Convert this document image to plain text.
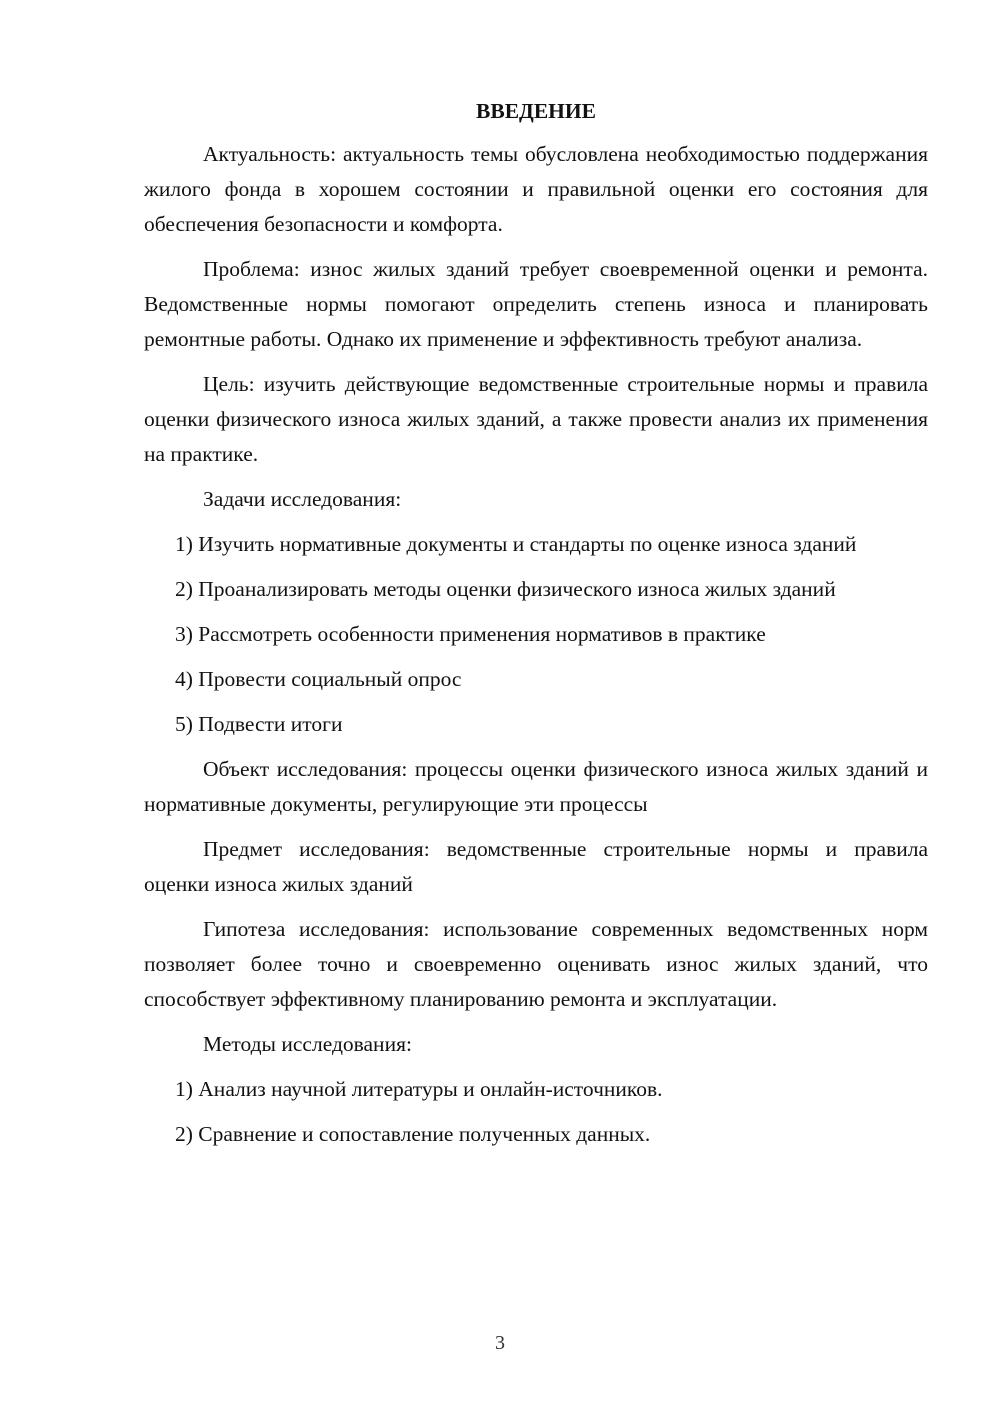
ВВЕДЕНИЕ

Актуальность: актуальность темы обусловлена необходимостью поддержания жилого фонда в хорошем состоянии и правильной оценки его состояния для обеспечения безопасности и комфорта.

Проблема: износ жилых зданий требует своевременной оценки и ремонта. Ведомственные нормы помогают определить степень износа и планировать ремонтные работы. Однако их применение и эффективность требуют анализа.

Цель: изучить действующие ведомственные строительные нормы и правила оценки физического износа жилых зданий, а также провести анализ их применения на практике.

Задачи исследования:

1) Изучить нормативные документы и стандарты по оценке износа зданий

2) Проанализировать методы оценки физического износа жилых зданий

3) Рассмотреть особенности применения нормативов в практике

4) Провести социальный опрос

5) Подвести итоги

Объект исследования: процессы оценки физического износа жилых зданий и нормативные документы, регулирующие эти процессы

Предмет исследования: ведомственные строительные нормы и правила оценки износа жилых зданий

Гипотеза исследования: использование современных ведомственных норм позволяет более точно и своевременно оценивать износ жилых зданий, что способствует эффективному планированию ремонта и эксплуатации.

Методы исследования:

1) Анализ научной литературы и онлайн-источников.

2) Сравнение и сопоставление полученных данных.

3
